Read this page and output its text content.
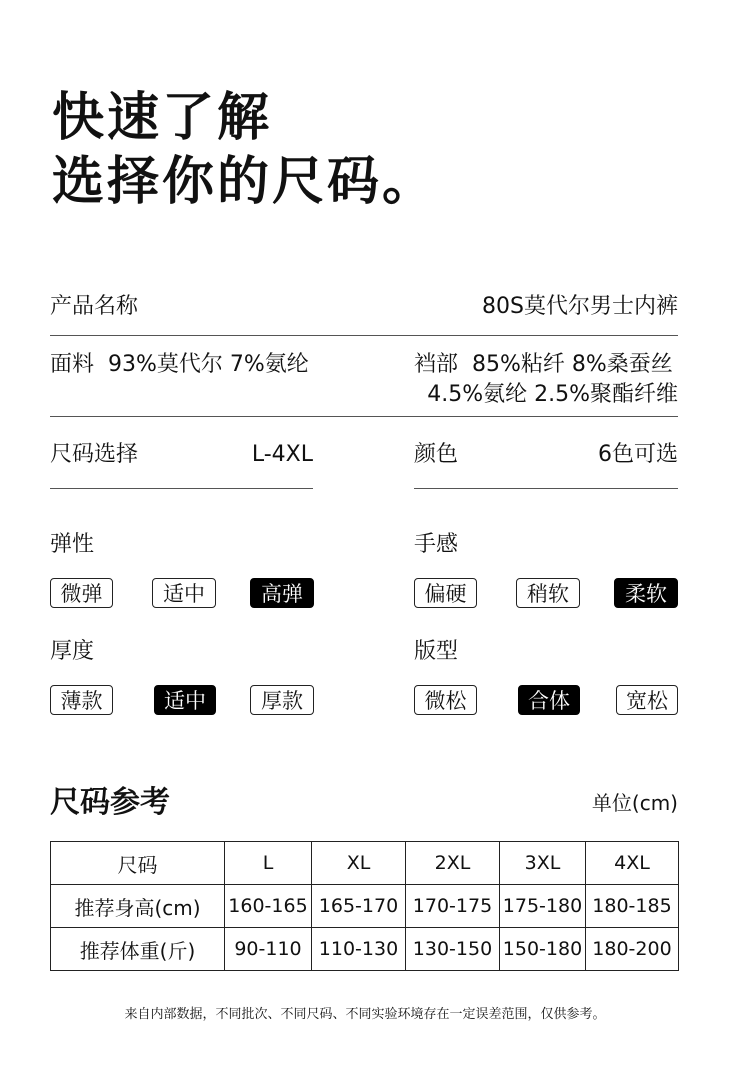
快速了解
选择你的尺码。
产品名称	80S莫代尔男士内裤
面料 93%莫代尔 7%氨纶	裆部 85%粘纤 8%桑蚕丝
4.5%氨纶 2.5%聚酯纤维
尺码选择	L-4XL	颜色	6色可选
弹性
微弹	适中	高弹
手感
偏硬	稍软	柔软
厚度
薄款	适中	厚款
版型
微松	合体	宽松
尺码参考	单位(cm)
尺码	L	XL	2XL	3XL	4XL
推荐身高(cm)	160-165	165-170	170-175	175-180	180-185
推荐体重(斤)	90-110	110-130	130-150	150-180	180-200
来自内部数据，不同批次、不同尺码、不同实验环境存在一定误差范围，仅供参考。
